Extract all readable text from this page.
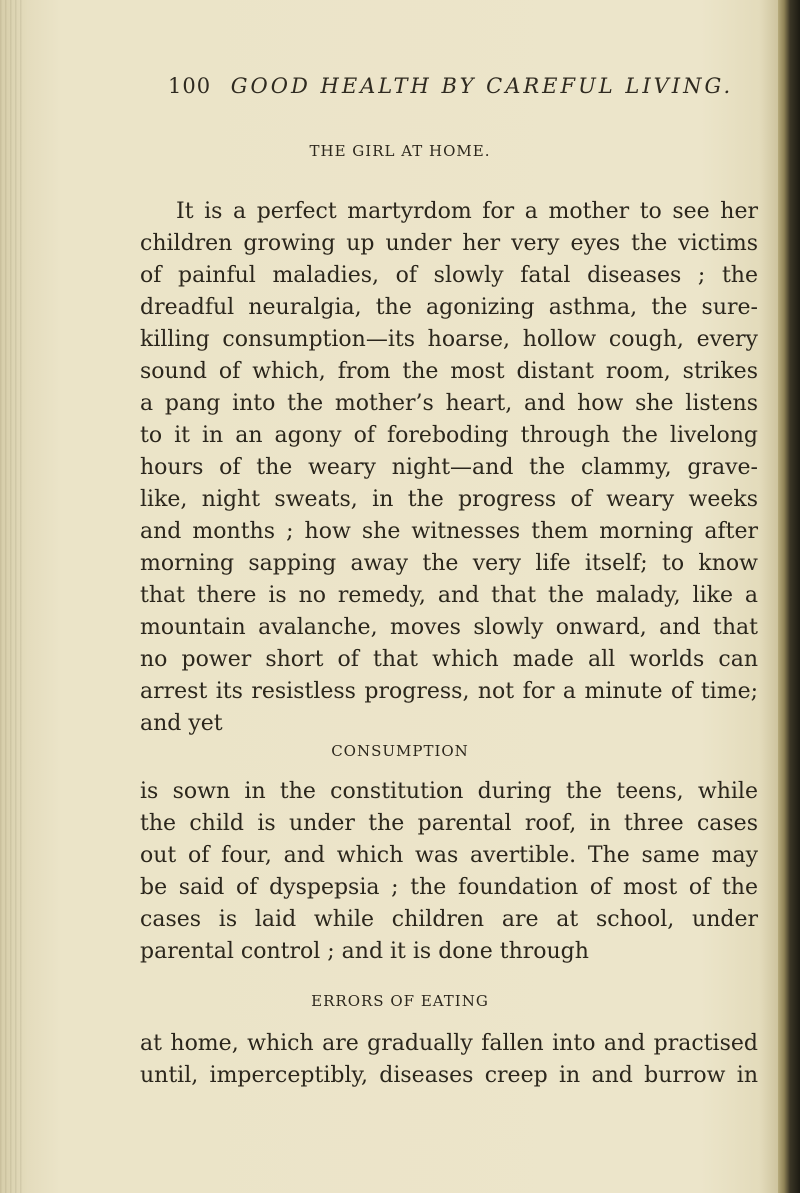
100 GOOD HEALTH BY CAREFUL LIVING.
THE GIRL AT HOME.
It is a perfect martyrdom for a mother to see her
children growing up under her very eyes the victims
of painful maladies, of slowly fatal diseases ; the
dreadful neuralgia, the agonizing asthma, the sure-
killing consumption—its hoarse, hollow cough, every
sound of which, from the most distant room, strikes
a pang into the mother’s heart, and how she listens
to it in an agony of foreboding through the livelong
hours of the weary night—and the clammy, grave-
like, night sweats, in the progress of weary weeks
and months ; how she witnesses them morning after
morning sapping away the very life itself; to know
that there is no remedy, and that the malady, like a
mountain avalanche, moves slowly onward, and that
no power short of that which made all worlds can
arrest its resistless progress, not for a minute of time;
and yet
CONSUMPTION
is sown in the constitution during the teens, while
the child is under the parental roof, in three cases
out of four, and which was avertible. The same may
be said of dyspepsia ; the foundation of most of the
cases is laid while children are at school, under
parental control ; and it is done through
ERRORS OF EATING
at home, which are gradually fallen into and practised
until, imperceptibly, diseases creep in and burrow in
